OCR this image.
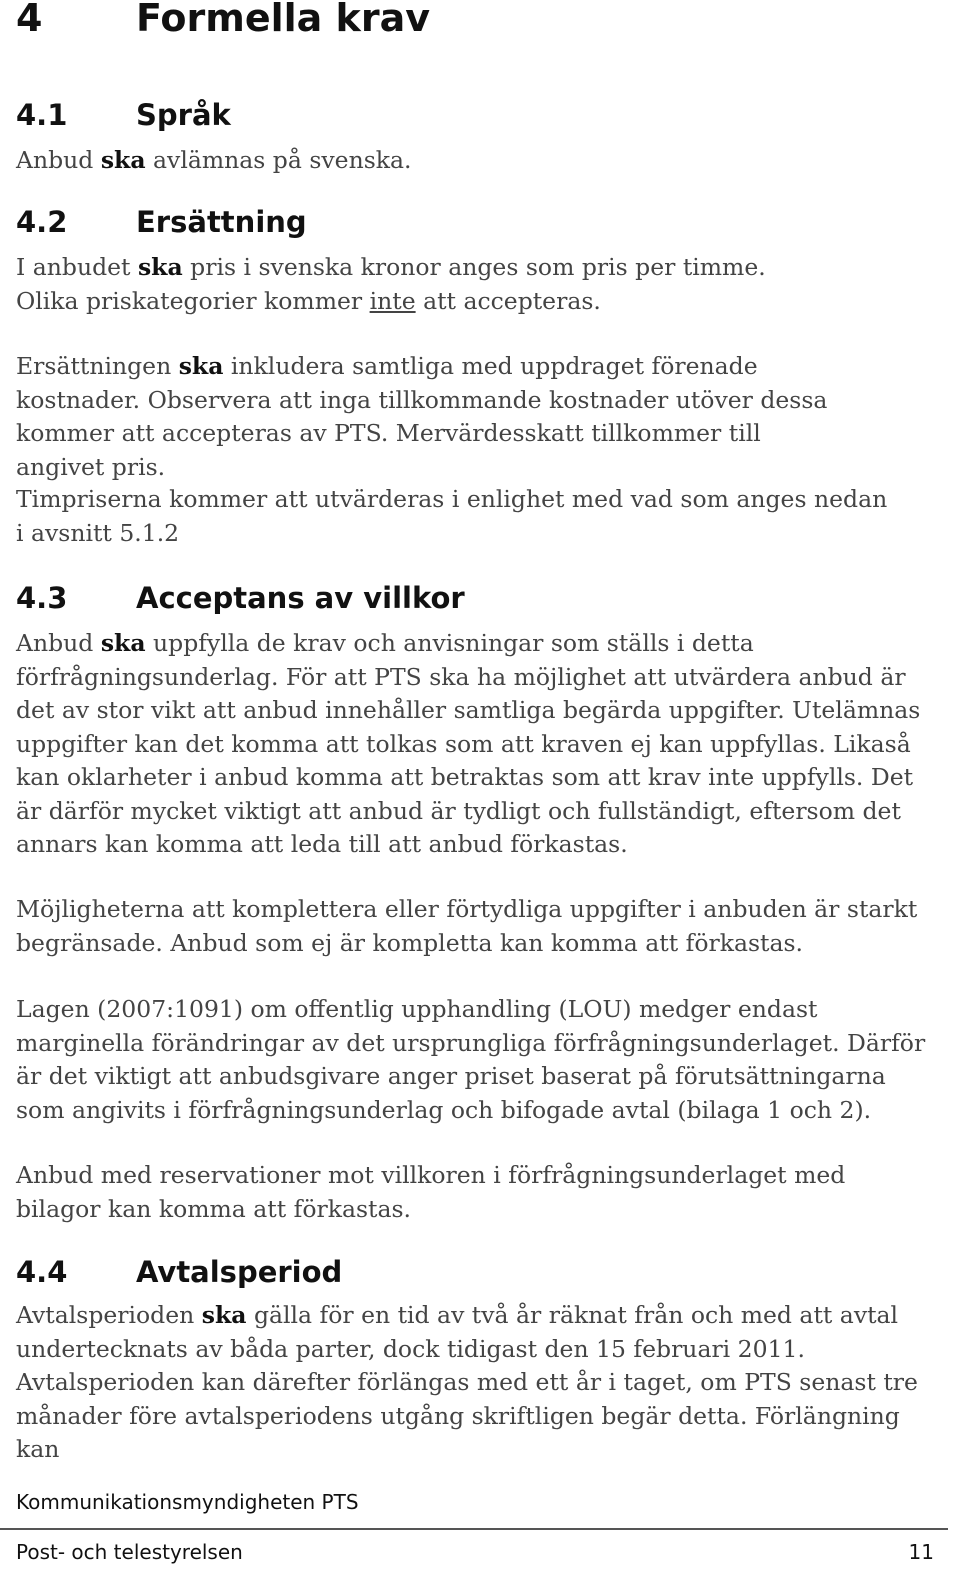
4 Formella krav
4.1 Språk

Anbud ska avlämnas på svenska.

4.2 Ersättning

I anbudet ska pris i svenska kronor anges som pris per timme. Olika priskategorier kommer inte att accepteras.

Ersättningen ska inkludera samtliga med uppdraget förenade kostnader. Observera att inga tillkommande kostnader utöver dessa kommer att accepteras av PTS. Mervärdesskatt tillkommer till angivet pris.

Timpriserna kommer att utvärderas i enlighet med vad som anges nedan i avsnitt 5.1.2

4.3 Acceptans av villkor

Anbud ska uppfylla de krav och anvisningar som ställs i detta förfrågningsunderlag. För att PTS ska ha möjlighet att utvärdera anbud är det av stor vikt att anbud innehåller samtliga begärda uppgifter. Utelämnas uppgifter kan det komma att tolkas som att kraven ej kan uppfyllas. Likaså kan oklarheter i anbud komma att betraktas som att krav inte uppfylls. Det är därför mycket viktigt att anbud är tydligt och fullständigt, eftersom det annars kan komma att leda till att anbud förkastas.

Möjligheterna att komplettera eller förtydliga uppgifter i anbuden är starkt begränsade. Anbud som ej är kompletta kan komma att förkastas.

Lagen (2007:1091) om offentlig upphandling (LOU) medger endast marginella förändringar av det ursprungliga förfrågningsunderlaget. Därför är det viktigt att anbudsgivare anger priset baserat på förutsättningarna som angivits i förfrågningsunderlag och bifogade avtal (bilaga 1 och 2).

Anbud med reservationer mot villkoren i förfrågningsunderlaget med bilagor kan komma att förkastas.

4.4 Avtalsperiod

Avtalsperioden ska gälla för en tid av två år räknat från och med att avtal undertecknats av båda parter, dock tidigast den 15 februari 2011. Avtalsperioden kan därefter förlängas med ett år i taget, om PTS senast tre månader före avtalsperiodens utgång skriftligen begär detta. Förlängning kan

Kommunikationsmyndigheten PTS
Post- och telestyrelsen	11
